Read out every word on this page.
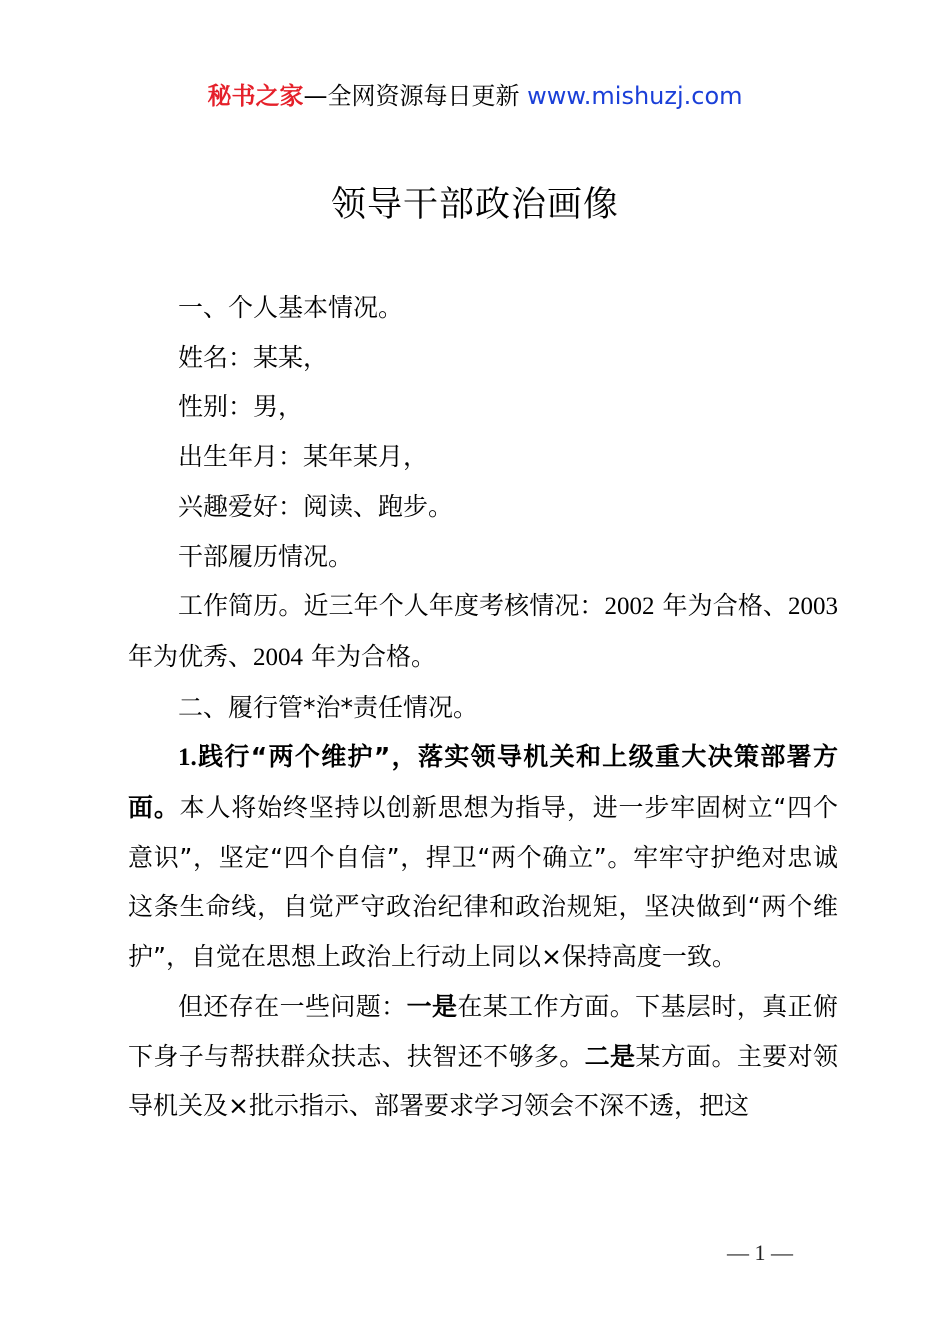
秘书之家—全网资源每日更新 www.mishuzj.com
领导干部政治画像

一、个人基本情况。

姓名：某某，

性别：男，

出生年月：某年某月，

兴趣爱好：阅读、跑步。

干部履历情况。

工作简历。近三年个人年度考核情况：2002 年为合格、2003 年为优秀、2004 年为合格。

二、履行管*治*责任情况。

1.践行“两个维护”，落实领导机关和上级重大决策部署方面。本人将始终坚持以创新思想为指导，进一步牢固树立“四个意识”，坚定“四个自信”，捍卫“两个确立”。牢牢守护绝对忠诚这条生命线，自觉严守政治纪律和政治规矩，坚决做到“两个维护”，自觉在思想上政治上行动上同以×保持高度一致。

但还存在一些问题：一是在某工作方面。下基层时，真正俯下身子与帮扶群众扶志、扶智还不够多。二是某方面。主要对领导机关及×批示指示、部署要求学习领会不深不透，把这

— 1 —
